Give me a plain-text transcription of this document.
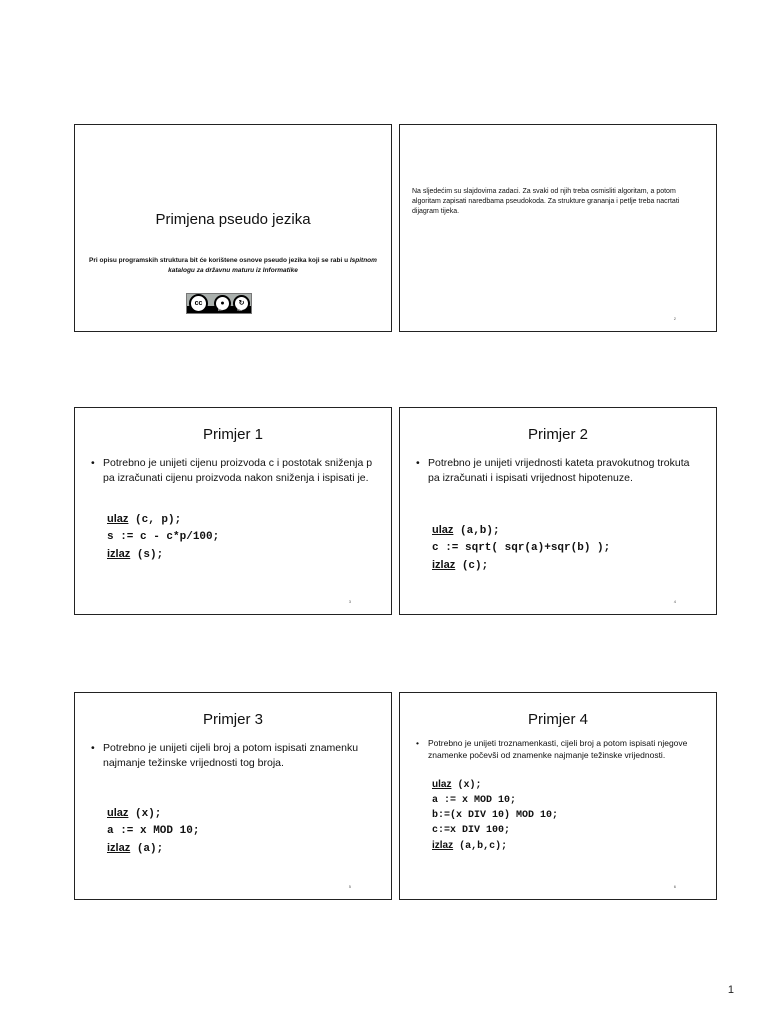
Primjena pseudo jezika
Pri opisu programskih struktura bit će korištene osnove pseudo jezika koji se rabi u Ispitnom katalogu za državnu maturu iz Informatike
cc	●	↻
BY	SA
Na sljedećim su slajdovima zadaci. Za svaki od njih treba osmisliti algoritam, a potom algoritam zapisati naredbama pseudokoda. Za strukture grananja i petlje treba nacrtati dijagram tijeka.
2
Primjer 1
• Potrebno je unijeti cijenu proizvoda c i postotak sniženja p pa izračunati cijenu proizvoda nakon sniženja i ispisati je.
ulaz (c, p);
s := c - c*p/100;
izlaz (s);
3
Primjer 2
• Potrebno je unijeti vrijednosti kateta pravokutnog trokuta pa izračunati i ispisati vrijednost hipotenuze.
ulaz (a,b);
c := sqrt( sqr(a)+sqr(b) );
izlaz (c);
4
Primjer 3
• Potrebno je unijeti cijeli broj a potom ispisati znamenku najmanje težinske vrijednosti tog broja.
ulaz (x);
a := x MOD 10;
izlaz (a);
5
Primjer 4
• Potrebno je unijeti troznamenkasti, cijeli broj a potom ispisati njegove znamenke počevši od znamenke najmanje težinske vrijednosti.
ulaz (x);
a := x MOD 10;
b:=(x DIV 10) MOD 10;
c:=x DIV 100;
izlaz (a,b,c);
6
1
